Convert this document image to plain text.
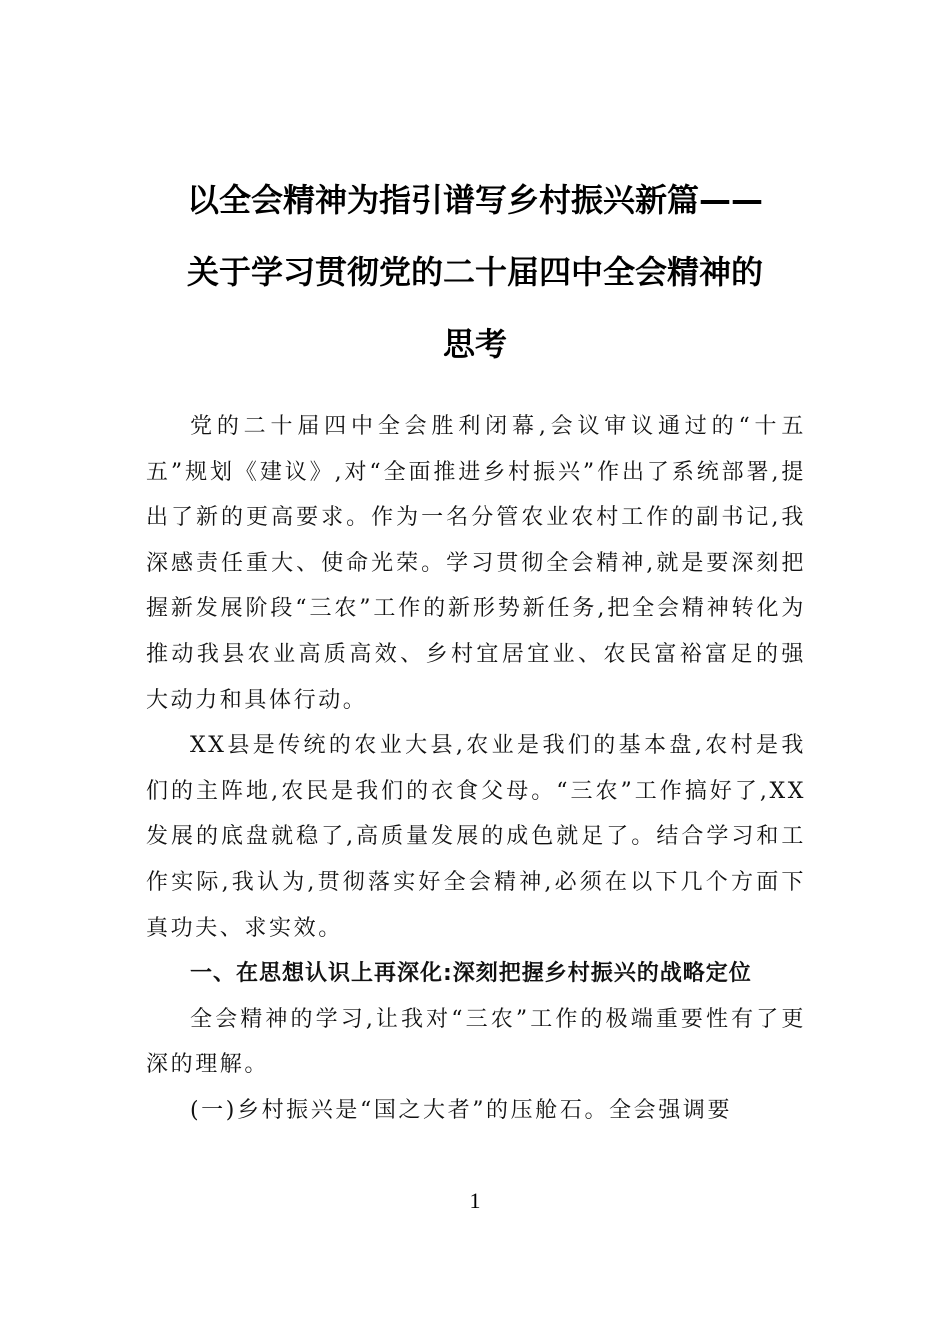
以全会精神为指引谱写乡村振兴新篇——
关于学习贯彻党的二十届四中全会精神的
思考

党的二十届四中全会胜利闭幕,会议审议通过的“十五五”规划《建议》,对“全面推进乡村振兴”作出了系统部署,提出了新的更高要求。作为一名分管农业农村工作的副书记,我深感责任重大、使命光荣。学习贯彻全会精神,就是要深刻把握新发展阶段“三农”工作的新形势新任务,把全会精神转化为推动我县农业高质高效、乡村宜居宜业、农民富裕富足的强大动力和具体行动。

XX县是传统的农业大县,农业是我们的基本盘,农村是我们的主阵地,农民是我们的衣食父母。“三农”工作搞好了,XX发展的底盘就稳了,高质量发展的成色就足了。结合学习和工作实际,我认为,贯彻落实好全会精神,必须在以下几个方面下真功夫、求实效。

一、在思想认识上再深化:深刻把握乡村振兴的战略定位

全会精神的学习,让我对“三农”工作的极端重要性有了更深的理解。

(一)乡村振兴是“国之大者”的压舱石。全会强调要

1
